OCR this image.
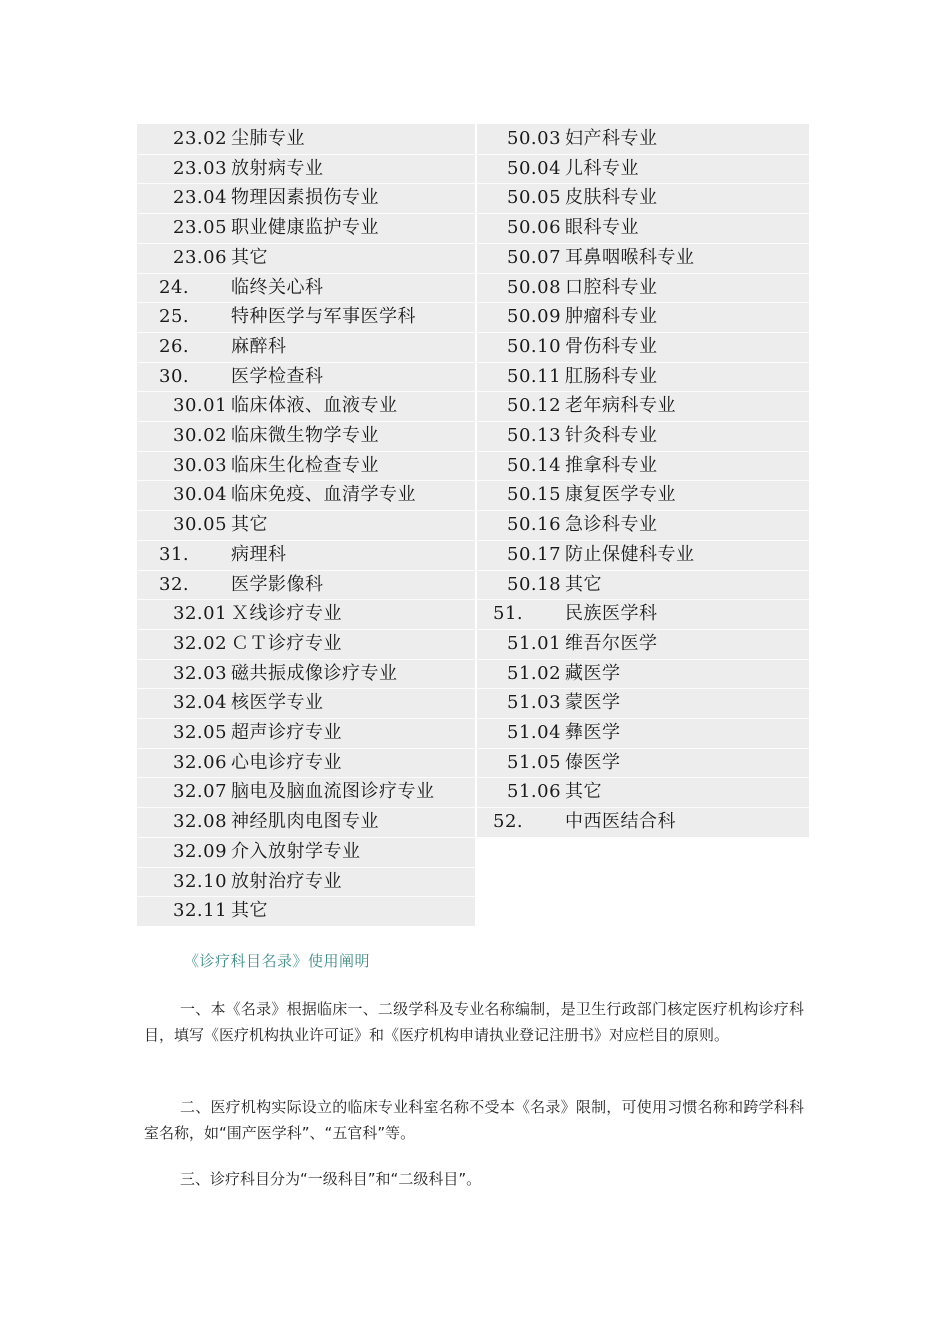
23.02 尘肺专业
23.03 放射病专业
23.04 物理因素损伤专业
23.05 职业健康监护专业
23.06 其它
24. 临终关心科
25. 特种医学与军事医学科
26. 麻醉科
30. 医学检查科
30.01 临床体液、血液专业
30.02 临床微生物学专业
30.03 临床生化检查专业
30.04 临床免疫、血清学专业
30.05 其它
31. 病理科
32. 医学影像科
32.01 Ｘ线诊疗专业
32.02 ＣＴ诊疗专业
32.03 磁共振成像诊疗专业
32.04 核医学专业
32.05 超声诊疗专业
32.06 心电诊疗专业
32.07 脑电及脑血流图诊疗专业
32.08 神经肌肉电图专业
32.09 介入放射学专业
32.10 放射治疗专业
32.11 其它
50.03 妇产科专业
50.04 儿科专业
50.05 皮肤科专业
50.06 眼科专业
50.07 耳鼻咽喉科专业
50.08 口腔科专业
50.09 肿瘤科专业
50.10 骨伤科专业
50.11 肛肠科专业
50.12 老年病科专业
50.13 针灸科专业
50.14 推拿科专业
50.15 康复医学专业
50.16 急诊科专业
50.17 防止保健科专业
50.18 其它
51. 民族医学科
51.01 维吾尔医学
51.02 藏医学
51.03 蒙医学
51.04 彝医学
51.05 傣医学
51.06 其它
52. 中西医结合科
《诊疗科目名录》使用阐明
一、本《名录》根据临床一、二级学科及专业名称编制，是卫生行政部门核定医疗机构诊疗科目，填写《医疗机构执业许可证》和《医疗机构申请执业登记注册书》对应栏目的原则。
二、医疗机构实际设立的临床专业科室名称不受本《名录》限制，可使用习惯名称和跨学科科室名称，如“围产医学科”、“五官科”等。
三、诊疗科目分为“一级科目”和“二级科目”。
